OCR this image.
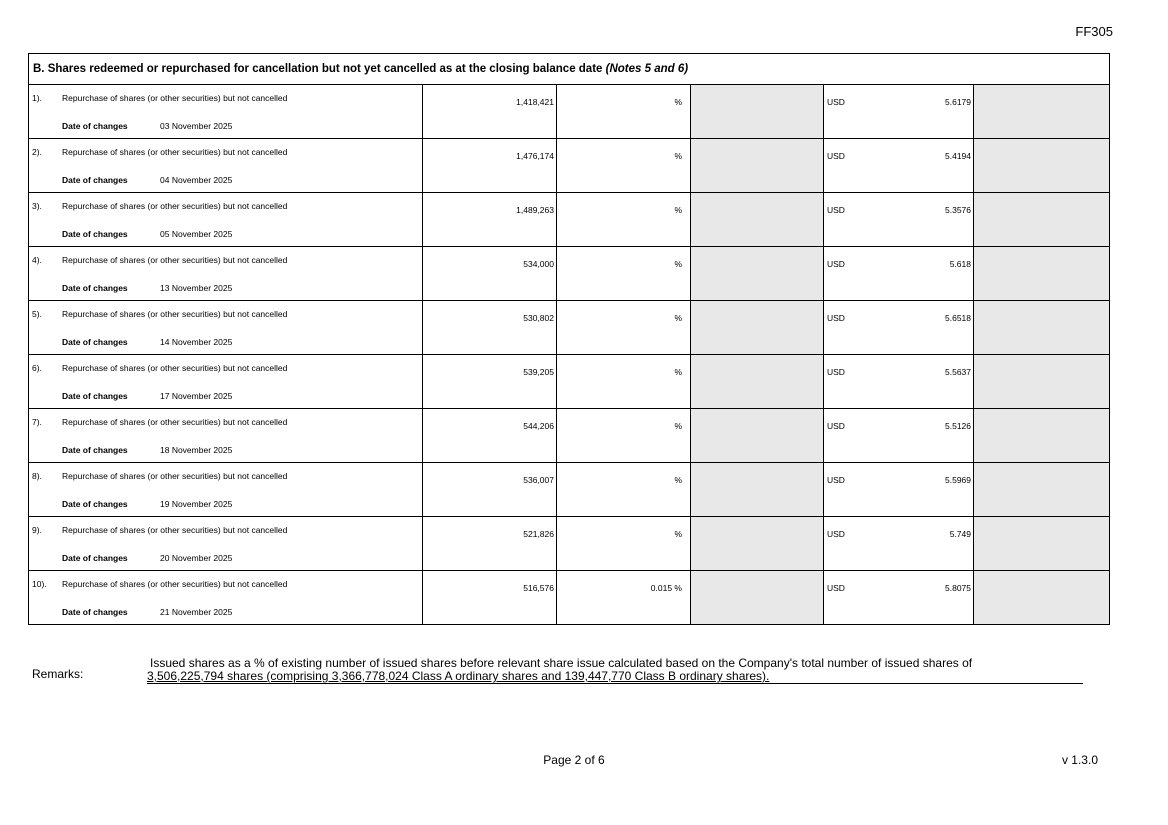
FF305
B. Shares redeemed or repurchased for cancellation but not yet cancelled as at the closing balance date (Notes 5 and 6)					

1). Repurchase of shares (or other securities) but not cancelled
Date of changes 03 November 2025	1,418,421	%		USD 5.6179	

2). Repurchase of shares (or other securities) but not cancelled
Date of changes 04 November 2025	1,476,174	%		USD 5.4194	

3). Repurchase of shares (or other securities) but not cancelled
Date of changes 05 November 2025	1,489,263	%		USD 5.3576	

4). Repurchase of shares (or other securities) but not cancelled
Date of changes 13 November 2025	534,000	%		USD 5.618	

5). Repurchase of shares (or other securities) but not cancelled
Date of changes 14 November 2025	530,802	%		USD 5.6518	

6). Repurchase of shares (or other securities) but not cancelled
Date of changes 17 November 2025	539,205	%		USD 5.5637	

7). Repurchase of shares (or other securities) but not cancelled
Date of changes 18 November 2025	544,206	%		USD 5.5126	

8). Repurchase of shares (or other securities) but not cancelled
Date of changes 19 November 2025	536,007	%		USD 5.5969	

9). Repurchase of shares (or other securities) but not cancelled
Date of changes 20 November 2025	521,826	%		USD 5.749	

10). Repurchase of shares (or other securities) but not cancelled
Date of changes 21 November 2025	516,576	0.015 %		USD 5.8075	

Remarks:
Issued shares as a % of existing number of issued shares before relevant share issue calculated based on the Company's total number of issued shares of
3,506,225,794 shares (comprising 3,366,778,024 Class A ordinary shares and 139,447,770 Class B ordinary shares).
Page 2 of 6	v 1.3.0
